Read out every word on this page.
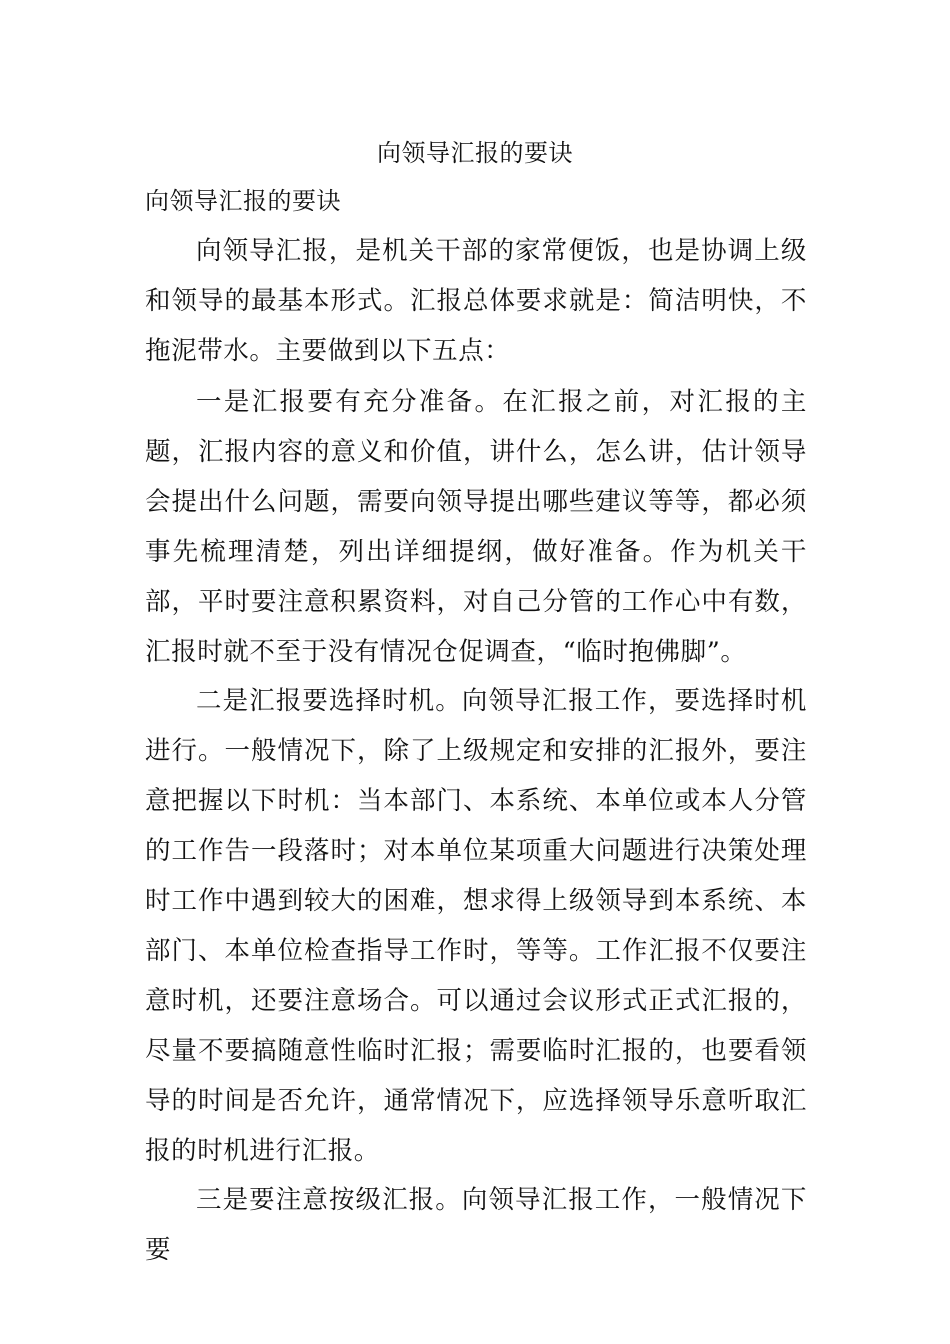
向领导汇报的要诀
向领导汇报的要诀

向领导汇报，是机关干部的家常便饭，也是协调上级和领导的最基本形式。汇报总体要求就是：简洁明快，不拖泥带水。主要做到以下五点：

一是汇报要有充分准备。在汇报之前，对汇报的主题，汇报内容的意义和价值，讲什么，怎么讲，估计领导会提出什么问题，需要向领导提出哪些建议等等，都必须事先梳理清楚，列出详细提纲，做好准备。作为机关干部，平时要注意积累资料，对自己分管的工作心中有数，汇报时就不至于没有情况仓促调查，“临时抱佛脚”。

二是汇报要选择时机。向领导汇报工作，要选择时机进行。一般情况下，除了上级规定和安排的汇报外，要注意把握以下时机：当本部门、本系统、本单位或本人分管的工作告一段落时；对本单位某项重大问题进行决策处理时工作中遇到较大的困难，想求得上级领导到本系统、本部门、本单位检查指导工作时，等等。工作汇报不仅要注意时机，还要注意场合。可以通过会议形式正式汇报的，尽量不要搞随意性临时汇报；需要临时汇报的，也要看领导的时间是否允许，通常情况下，应选择领导乐意听取汇报的时机进行汇报。

三是要注意按级汇报。向领导汇报工作，一般情况下要
